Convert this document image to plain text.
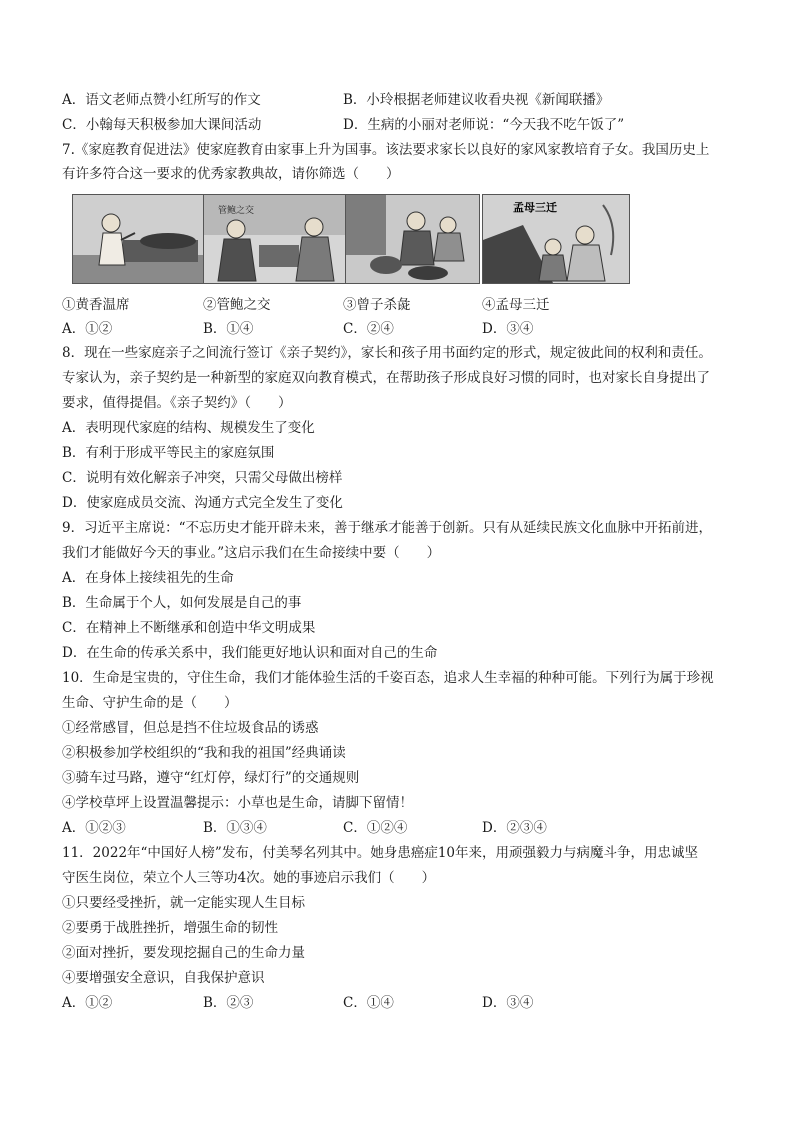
A．语文老师点赞小红所写的作文	B．小玲根据老师建议收看央视《新闻联播》
C．小翰每天积极参加大课间活动	D．生病的小丽对老师说：“今天我不吃午饭了”
7.《家庭教育促进法》使家庭教育由家事上升为国事。该法要求家长以良好的家风家教培育子女。我国历史上
有许多符合这一要求的优秀家教典故，请你筛选（　　）
管鲍之交	孟母三迁
①黄香温席	②管鲍之交	③曾子杀彘	④孟母三迁
A．①②	B．①④	C．②④	D．③④
8．现在一些家庭亲子之间流行签订《亲子契约》，家长和孩子用书面约定的形式，规定彼此间的权利和责任。
专家认为，亲子契约是一种新型的家庭双向教育模式，在帮助孩子形成良好习惯的同时，也对家长自身提出了
要求，值得提倡。《亲子契约》（　　）
A．表明现代家庭的结构、规模发生了变化
B．有利于形成平等民主的家庭氛围
C．说明有效化解亲子冲突，只需父母做出榜样
D．使家庭成员交流、沟通方式完全发生了变化
9．习近平主席说：“不忘历史才能开辟未来，善于继承才能善于创新。只有从延续民族文化血脉中开拓前进，
我们才能做好今天的事业。”这启示我们在生命接续中要（　　）
A．在身体上接续祖先的生命
B．生命属于个人，如何发展是自己的事
C．在精神上不断继承和创造中华文明成果
D．在生命的传承关系中，我们能更好地认识和面对自己的生命
10．生命是宝贵的，守住生命，我们才能体验生活的千姿百态，追求人生幸福的种种可能。下列行为属于珍视
生命、守护生命的是（　　）
①经常感冒，但总是挡不住垃圾食品的诱惑
②积极参加学校组织的“我和我的祖国”经典诵读
③骑车过马路，遵守“红灯停，绿灯行”的交通规则
④学校草坪上设置温馨提示：小草也是生命，请脚下留情！
A．①②③	B．①③④	C．①②④	D．②③④
11．2022年“中国好人榜”发布，付美琴名列其中。她身患癌症10年来，用顽强毅力与病魔斗争，用忠诚坚
守医生岗位，荣立个人三等功4次。她的事迹启示我们（　　）
①只要经受挫折，就一定能实现人生目标
②要勇于战胜挫折，增强生命的韧性
②面对挫折，要发现挖掘自己的生命力量
④要增强安全意识，自我保护意识
A．①②	B．②③	C．①④	D．③④
